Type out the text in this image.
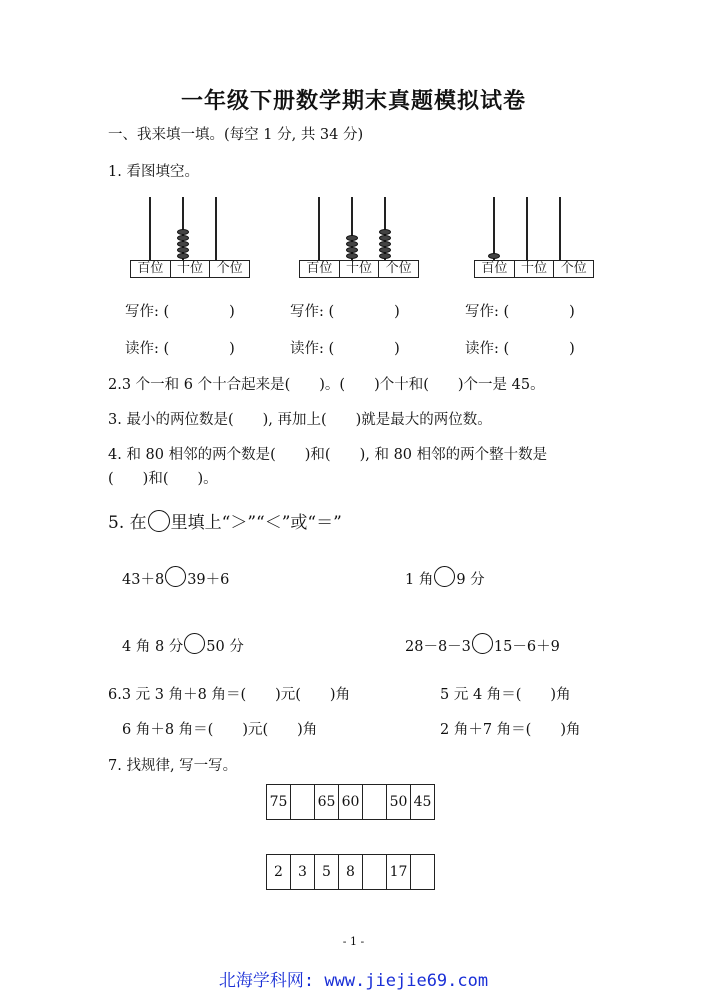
一年级下册数学期末真题模拟试卷
一、我来填一填。(每空 1 分, 共 34 分)
1. 看图填空。
百位	十位	个位	百位	十位	个位	百位	十位	个位
写作: (	)	写作: (	)	写作: (	)
读作: (	)	读作: (	)	读作: (	)
2.3 个一和 6 个十合起来是(　　)。(　　)个十和(　　)个一是 45。
3. 最小的两位数是(　　), 再加上(　　)就是最大的两位数。
4. 和 80 相邻的两个数是(　　)和(　　), 和 80 相邻的两个整十数是
(　　)和(　　)。
5. 在 里填上“＞”“＜”或“＝”
43＋8 39＋6	1 角 9 分
4 角 8 分 50 分	28－8－3 15－6＋9
6.3 元 3 角＋8 角＝(　　)元(　　)角	5 元 4 角＝(　　)角
6 角＋8 角＝(　　)元(　　)角	2 角＋7 角＝(　　)角
7. 找规律, 写一写。
75		65	60		50	45
2	3	5	8		17	
- 1 -
北海学科网: www.jiejie69.com
